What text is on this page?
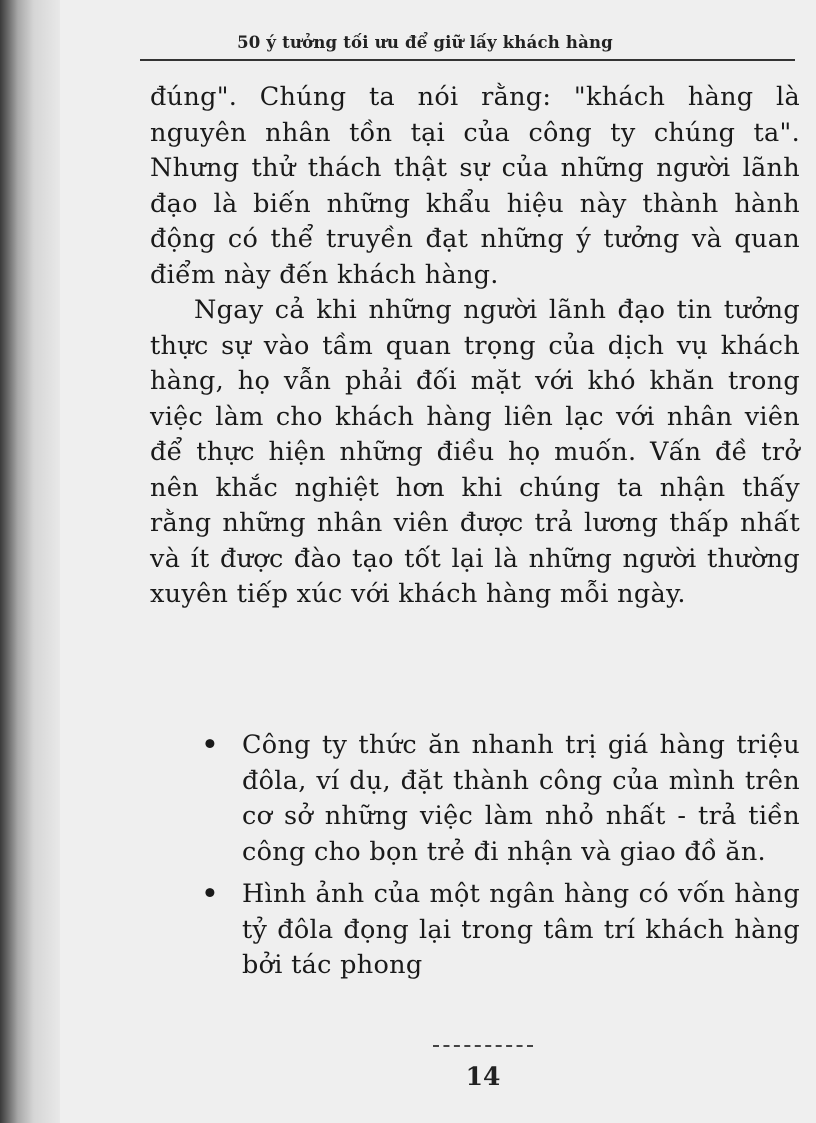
50 ý tưởng tối ưu để giữ lấy khách hàng

đúng". Chúng ta nói rằng: "khách hàng là nguyên nhân tồn tại của công ty chúng ta". Nhưng thử thách thật sự của những người lãnh đạo là biến những khẩu hiệu này thành hành động có thể truyền đạt những ý tưởng và quan điểm này đến khách hàng.

Ngay cả khi những người lãnh đạo tin tưởng thực sự vào tầm quan trọng của dịch vụ khách hàng, họ vẫn phải đối mặt với khó khăn trong việc làm cho khách hàng liên lạc với nhân viên để thực hiện những điều họ muốn. Vấn đề trở nên khắc nghiệt hơn khi chúng ta nhận thấy rằng những nhân viên được trả lương thấp nhất và ít được đào tạo tốt lại là những người thường xuyên tiếp xúc với khách hàng mỗi ngày.

• Công ty thức ăn nhanh trị giá hàng triệu đôla, ví dụ, đặt thành công của mình trên cơ sở những việc làm nhỏ nhất - trả tiền công cho bọn trẻ đi nhận và giao đồ ăn.
• Hình ảnh của một ngân hàng có vốn hàng tỷ đôla đọng lại trong tâm trí khách hàng bởi tác phong
14
